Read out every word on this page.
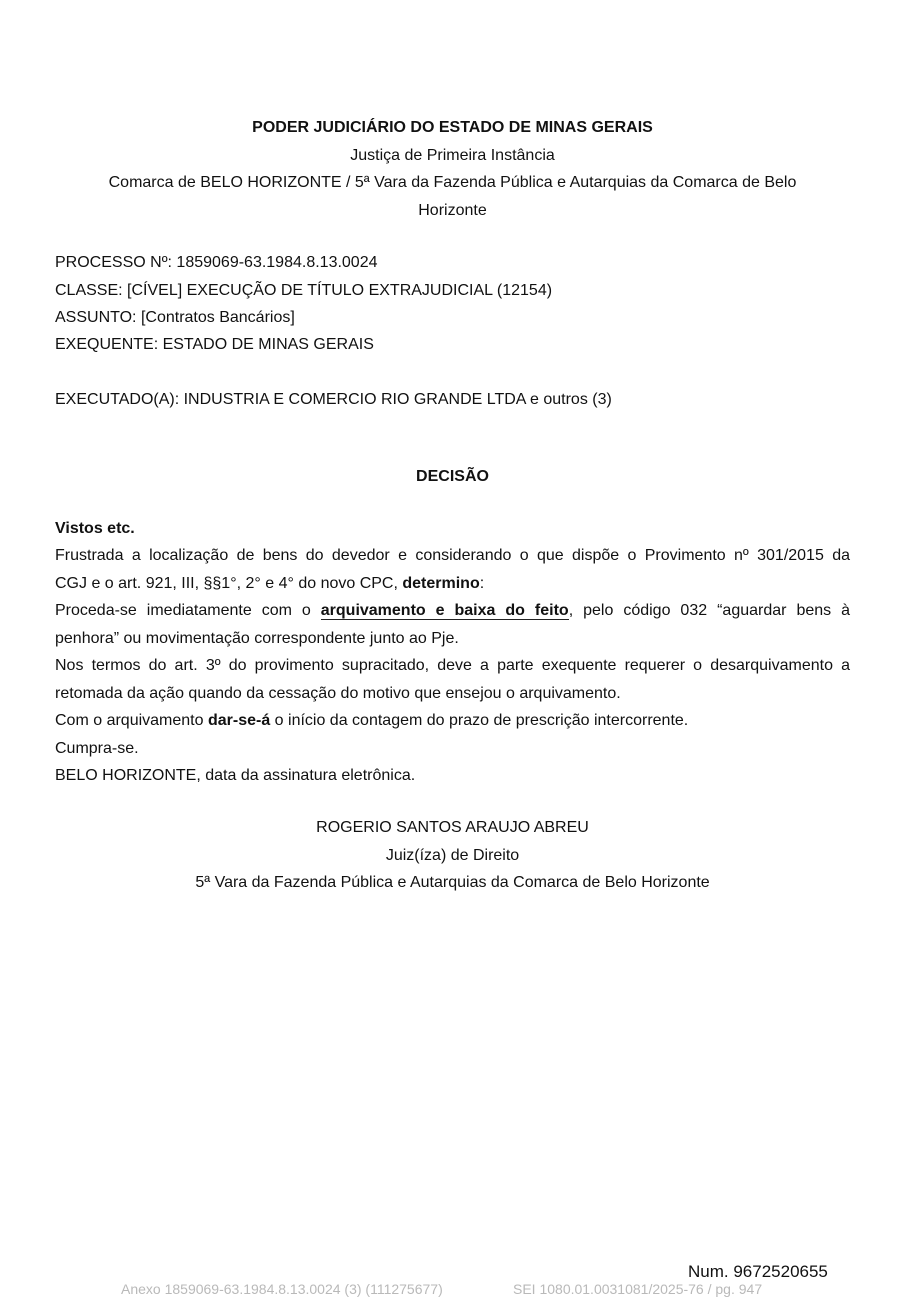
PODER JUDICIÁRIO DO ESTADO DE MINAS GERAIS
Justiça de Primeira Instância
Comarca de BELO HORIZONTE / 5ª Vara da Fazenda Pública e Autarquias da Comarca de Belo
Horizonte
PROCESSO Nº: 1859069-63.1984.8.13.0024
CLASSE: [CÍVEL] EXECUÇÃO DE TÍTULO EXTRAJUDICIAL (12154)
ASSUNTO: [Contratos Bancários]
EXEQUENTE: ESTADO DE MINAS GERAIS
EXECUTADO(A): INDUSTRIA E COMERCIO RIO GRANDE LTDA e outros (3)
DECISÃO
Vistos etc.
Frustrada a localização de bens do devedor e considerando o que dispõe o Provimento nº 301/2015 da
CGJ e o art. 921, III, §§1°, 2° e 4° do novo CPC, determino:
Proceda-se imediatamente com o arquivamento e baixa do feito, pelo código 032 “aguardar bens à
penhora” ou movimentação correspondente junto ao Pje.
Nos termos do art. 3º do provimento supracitado, deve a parte exequente requerer o desarquivamento a
retomada da ação quando da cessação do motivo que ensejou o arquivamento.
Com o arquivamento dar-se-á o início da contagem do prazo de prescrição intercorrente.
Cumpra-se.
BELO HORIZONTE, data da assinatura eletrônica.
ROGERIO SANTOS ARAUJO ABREU
Juiz(íza) de Direito
5ª Vara da Fazenda Pública e Autarquias da Comarca de Belo Horizonte
Num. 9672520655
Anexo 1859069-63.1984.8.13.0024 (3) (111275677)	SEI 1080.01.0031081/2025-76 / pg. 947
